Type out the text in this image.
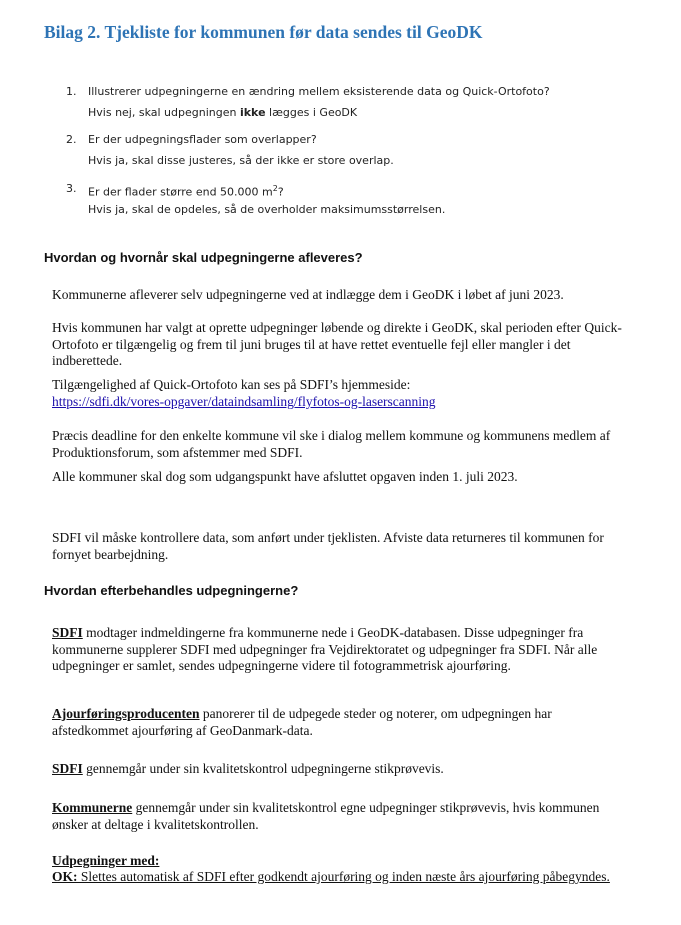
Bilag 2. Tjekliste for kommunen før data sendes til GeoDK
1. Illustrerer udpegningerne en ændring mellem eksisterende data og Quick-Ortofoto?
Hvis nej, skal udpegningen ikke lægges i GeoDK
2. Er der udpegningsflader som overlapper?
Hvis ja, skal disse justeres, så der ikke er store overlap.
3. Er der flader større end 50.000 $m^2$?
Hvis ja, skal de opdeles, så de overholder maksimumsstørrelsen.
Hvordan og hvornår skal udpegningerne afleveres?
Kommunerne afleverer selv udpegningerne ved at indlægge dem i GeoDK i løbet af juni 2023.
Hvis kommunen har valgt at oprette udpegninger løbende og direkte i GeoDK, skal perioden efter Quick-Ortofoto er tilgængelig og frem til juni bruges til at have rettet eventuelle fejl eller mangler i det indberettede.
Tilgængelighed af Quick-Ortofoto kan ses på SDFI’s hjemmeside:
https://sdfi.dk/vores-opgaver/dataindsamling/flyfotos-og-laserscanning
Præcis deadline for den enkelte kommune vil ske i dialog mellem kommune og kommunens medlem af Produktionsforum, som afstemmer med SDFI.
Alle kommuner skal dog som udgangspunkt have afsluttet opgaven inden 1. juli 2023.
SDFI vil måske kontrollere data, som anført under tjeklisten. Afviste data returneres til kommunen for fornyet bearbejdning.
Hvordan efterbehandles udpegningerne?
SDFI modtager indmeldingerne fra kommunerne nede i GeoDK-databasen. Disse udpegninger fra kommunerne supplerer SDFI med udpegninger fra Vejdirektoratet og udpegninger fra SDFI. Når alle udpegninger er samlet, sendes udpegningerne videre til fotogrammetrisk ajourføring.
Ajourføringsproducenten panorerer til de udpegede steder og noterer, om udpegningen har afstedkommet ajourføring af GeoDanmark-data.
SDFI gennemgår under sin kvalitetskontrol udpegningerne stikprøvevis.
Kommunerne gennemgår under sin kvalitetskontrol egne udpegninger stikprøvevis, hvis kommunen ønsker at deltage i kvalitetskontrollen.
Udpegninger med:
OK: Slettes automatisk af SDFI efter godkendt ajourføring og inden næste års ajourføring påbegyndes.
